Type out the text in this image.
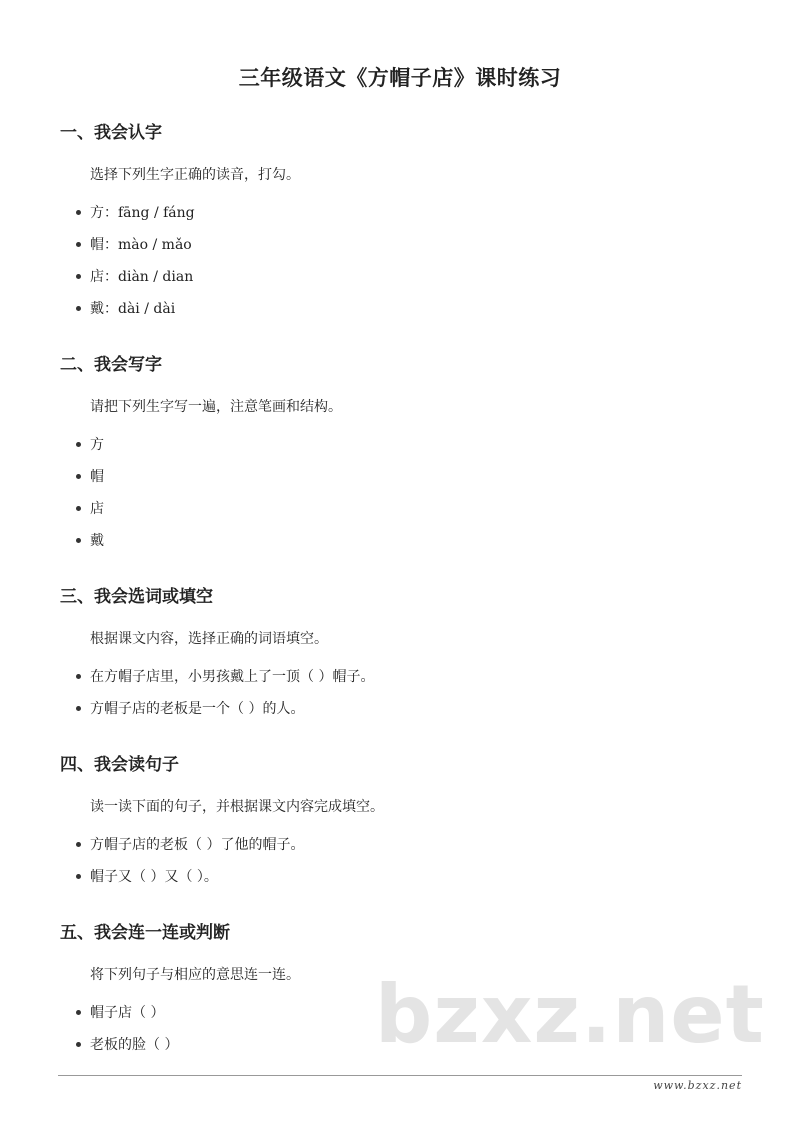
三年级语文《方帽子店》课时练习
一、我会认字
选择下列生字正确的读音，打勾。
方：fāng / fáng
帽：mào / mǎo
店：diàn / dian
戴：dài / dài
二、我会写字
请把下列生字写一遍，注意笔画和结构。
方
帽
店
戴
三、我会选词或填空
根据课文内容，选择正确的词语填空。
在方帽子店里，小男孩戴上了一顶（ ）帽子。
方帽子店的老板是一个（ ）的人。
四、我会读句子
读一读下面的句子，并根据课文内容完成填空。
方帽子店的老板（ ）了他的帽子。
帽子又（ ）又（ ）。
五、我会连一连或判断
将下列句子与相应的意思连一连。
帽子店（ ）
老板的脸（ ）	bzxz.net
www.bzxz.net
